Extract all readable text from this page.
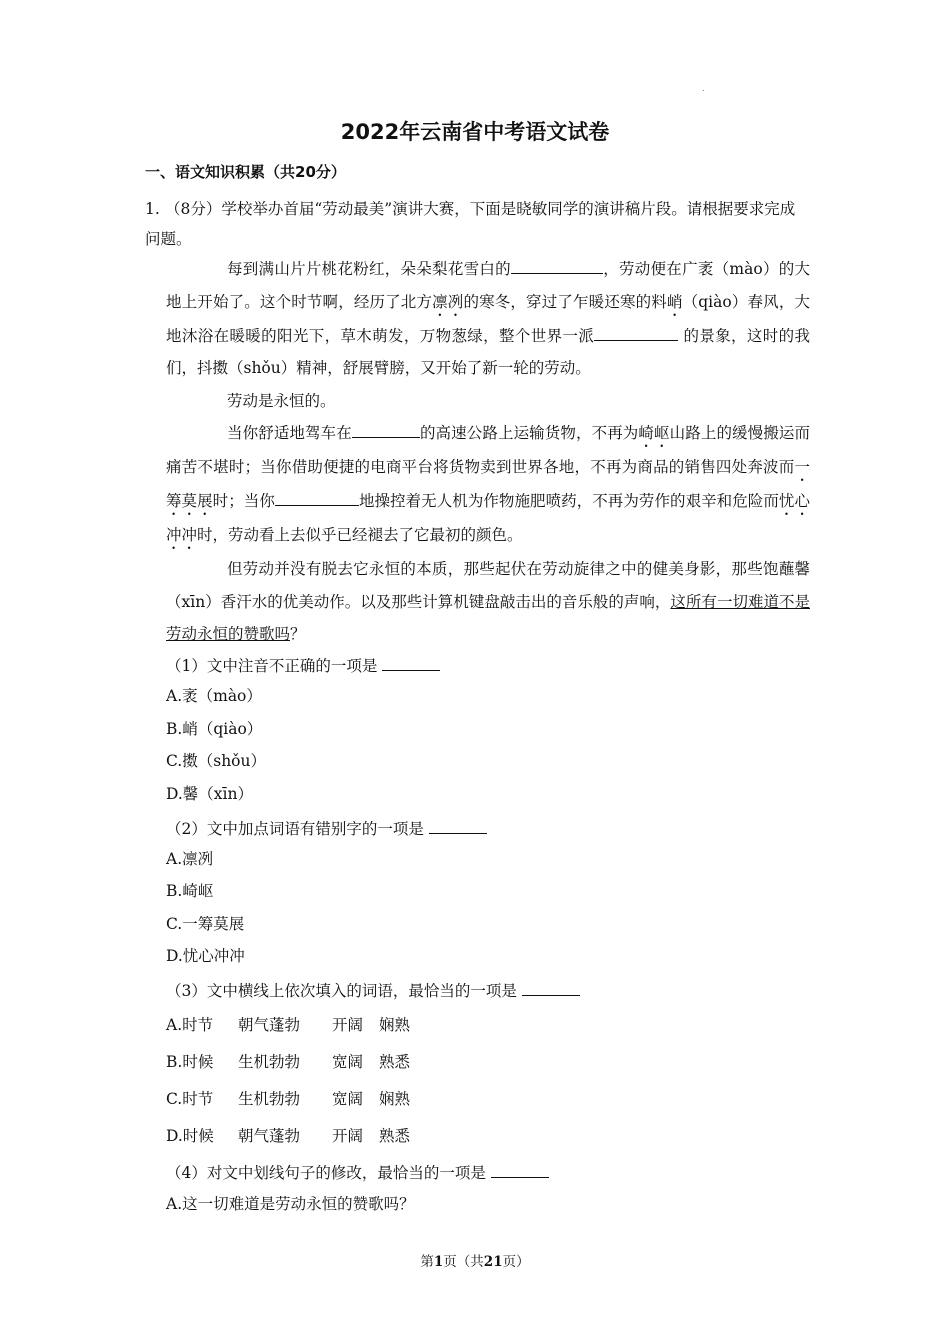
.
2022年云南省中考语文试卷
一、语文知识积累（共20分）
1. （8分）学校举办首届“劳动最美”演讲大赛，下面是晓敏同学的演讲稿片段。请根据要求完成问题。

每到满山片片桃花粉红，朵朵梨花雪白的	，劳动便在广袤（mào）的大地上开始了。这个时节啊，经历了北方凛冽的寒冬，穿过了乍暖还寒的料峭（qiào）春风，大地沐浴在暖暖的阳光下，草木萌发，万物葱绿，整个世界一派	的景象，这时的我们，抖擞（shǒu）精神，舒展臂膀，又开始了新一轮的劳动。

劳动是永恒的。

当你舒适地驾车在	的高速公路上运输货物，不再为崎岖山路上的缓慢搬运而痛苦不堪时；当你借助便捷的电商平台将货物卖到世界各地，不再为商品的销售四处奔波而一筹莫展时；当你	地操控着无人机为作物施肥喷药，不再为劳作的艰辛和危险而忧心冲冲时，劳动看上去似乎已经褪去了它最初的颜色。

但劳动并没有脱去它永恒的本质，那些起伏在劳动旋律之中的健美身影，那些饱蘸馨（xīn）香汗水的优美动作。以及那些计算机键盘敲击出的音乐般的声响，这所有一切难道不是劳动永恒的赞歌吗？

（1）文中注音不正确的一项是
A.袤（mào）
B.峭（qiào）
C.擞（shǒu）
D.馨（xīn）
（2）文中加点词语有错别字的一项是
A.凛冽
B.崎岖
C.一筹莫展
D.忧心冲冲
（3）文中横线上依次填入的词语，最恰当的一项是
A.时节 朝气蓬勃 开阔 娴熟
B.时候 生机勃勃 宽阔 熟悉
C.时节 生机勃勃 宽阔 娴熟
D.时候 朝气蓬勃 开阔 熟悉
（4）对文中划线句子的修改，最恰当的一项是
A.这一切难道是劳动永恒的赞歌吗？
第1页（共21页）
